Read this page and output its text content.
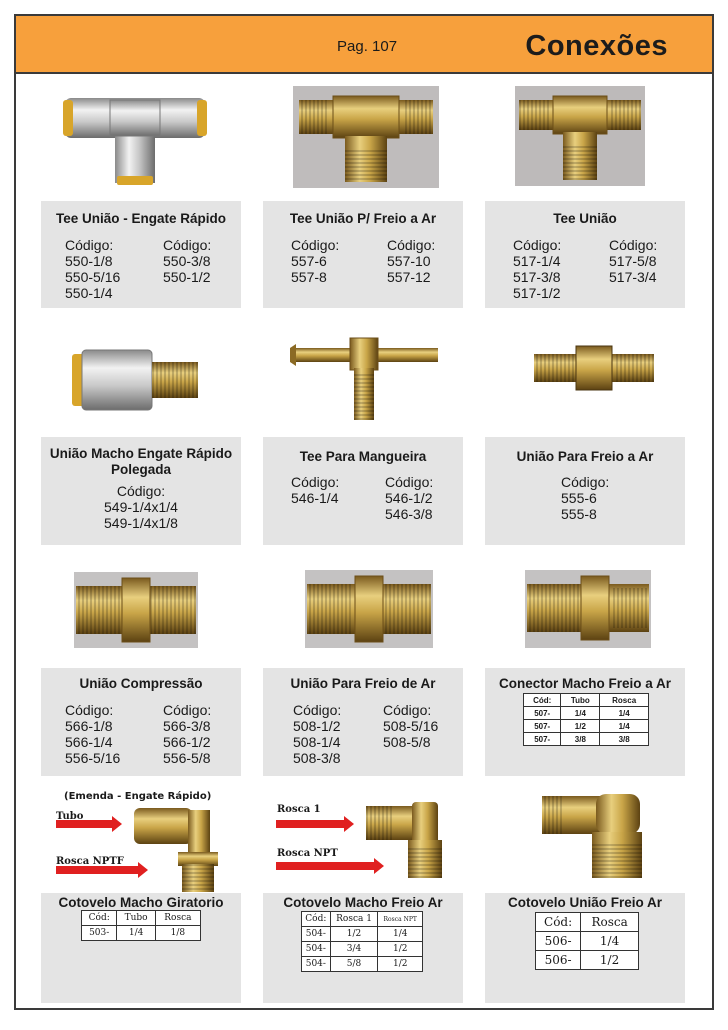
Pag. 107	Conexões
Tee União - Engate Rápido
Código:
550-1/8
550-5/16
550-1/4
Código:
550-3/8
550-1/2
Tee União P/ Freio a Ar
Código:
557-6
557-8
Código:
557-10
557-12
Tee União
Código:
517-1/4
517-3/8
517-1/2
Código:
517-5/8
517-3/4
União Macho Engate Rápido Polegada
Código:
549-1/4x1/4
549-1/4x1/8
Tee Para Mangueira
Código:
546-1/4
Código:
546-1/2
546-3/8
União Para Freio a Ar
Código:
555-6
555-8
União Compressão
Código:
566-1/8
566-1/4
556-5/16
Código:
566-3/8
566-1/2
556-5/8
União Para Freio de Ar
Código:
508-1/2
508-1/4
508-3/8
Código:
508-5/16
508-5/8
Conector Macho Freio a Ar
Cód:	Tubo	Rosca
507-	1/4	1/4
507-	1/2	1/4
507-	3/8	3/8
(Emenda - Engate Rápido)
Tubo
Rosca NPTF
Rosca 1
Rosca NPT
Cotovelo Macho Giratorio
Cód:	Tubo	Rosca
503-	1/4	1/8
Cotovelo Macho Freio Ar
Cód:	Rosca 1	Rosca NPT
504-	1/2	1/4
504-	3/4	1/2
504-	5/8	1/2
Cotovelo União Freio Ar
Cód:	Rosca
506-	1/4
506-	1/2
